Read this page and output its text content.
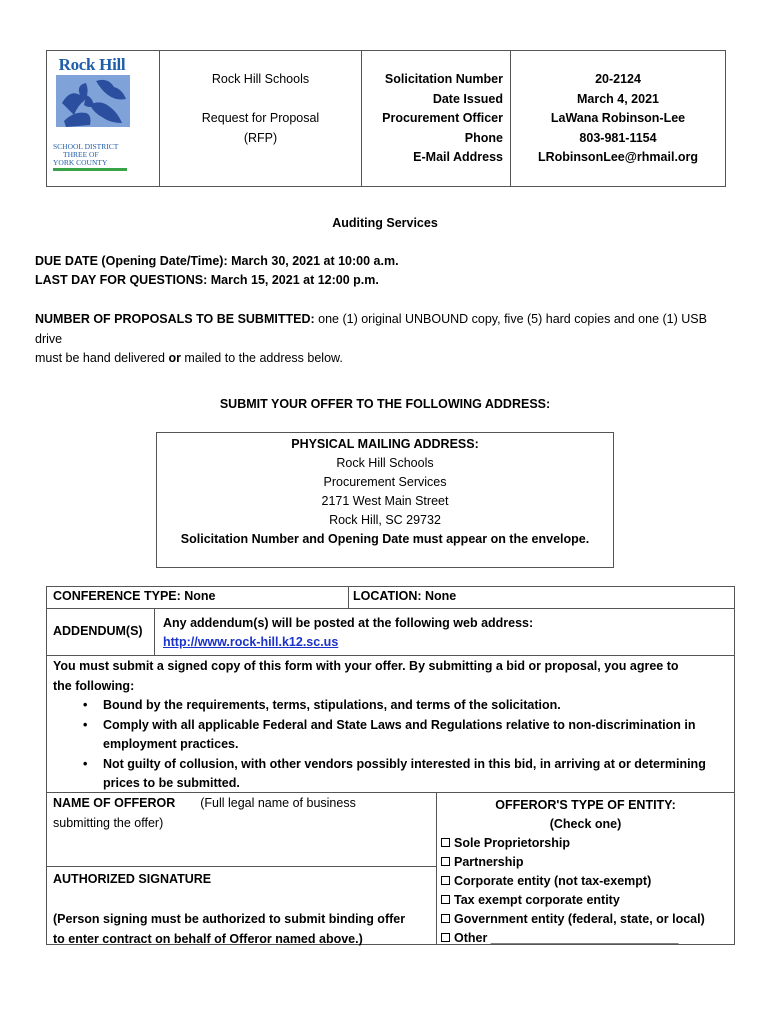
Rock Hill
SCHOOL DISTRICT
THREE OF
YORK COUNTY
Rock Hill Schools
Request for Proposal
(RFP)
Solicitation Number
Date Issued
Procurement Officer
Phone
E-Mail Address
20-2124
March 4, 2021
LaWana Robinson-Lee
803-981-1154
LRobinsonLee@rhmail.org
Auditing Services
DUE DATE (Opening Date/Time): March 30, 2021 at 10:00 a.m.
LAST DAY FOR QUESTIONS: March 15, 2021 at 12:00 p.m.
NUMBER OF PROPOSALS TO BE SUBMITTED: one (1) original UNBOUND copy, five (5) hard copies and one (1) USB drive
must be hand delivered or mailed to the address below.
SUBMIT YOUR OFFER TO THE FOLLOWING ADDRESS:
PHYSICAL MAILING ADDRESS:
Rock Hill Schools
Procurement Services
2171 West Main Street
Rock Hill, SC 29732
Solicitation Number and Opening Date must appear on the envelope.
CONFERENCE TYPE: None	LOCATION: None
ADDENDUM(S)
Any addendum(s) will be posted at the following web address:
http://www.rock-hill.k12.sc.us
You must submit a signed copy of this form with your offer. By submitting a bid or proposal, you agree to
the following:
• Bound by the requirements, terms, stipulations, and terms of the solicitation.
• Comply with all applicable Federal and State Laws and Regulations relative to non-discrimination in
employment practices.
• Not guilty of collusion, with other vendors possibly interested in this bid, in arriving at or determining
prices to be submitted.
NAME OF OFFEROR (Full legal name of business
submitting the offer)
AUTHORIZED SIGNATURE
(Person signing must be authorized to submit binding offer
to enter contract on behalf of Offeror named above.)
OFFEROR'S TYPE OF ENTITY:
(Check one)
Sole Proprietorship
Partnership
Corporate entity (not tax-exempt)
Tax exempt corporate entity
Government entity (federal, state, or local)
Other ___________________________
